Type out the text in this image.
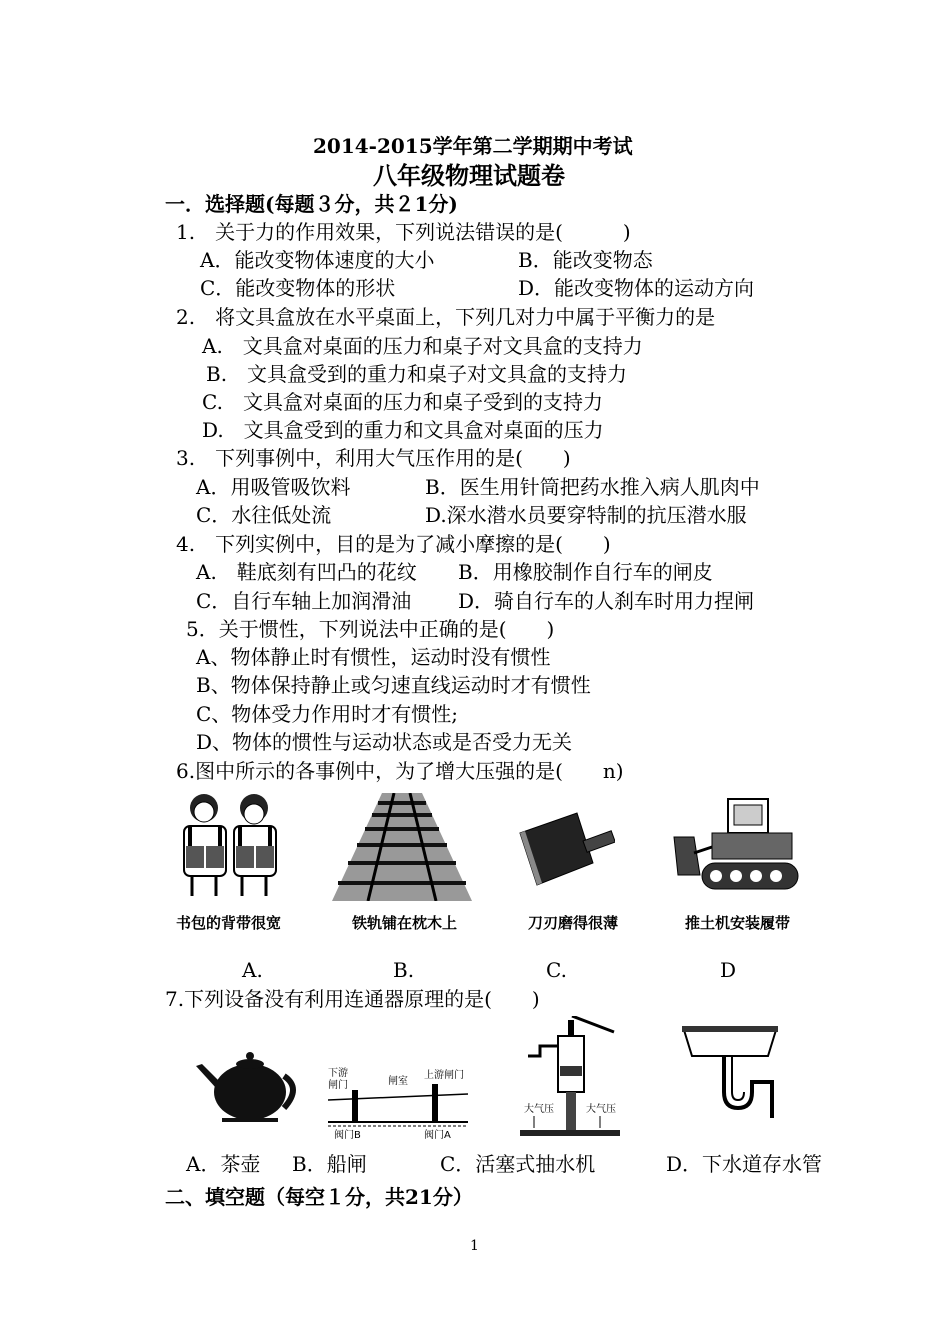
2014-2015学年第二学期期中考试
八年级物理试题卷
一．选择题(每题３分，共２1分)
1.　关于力的作用效果，下列说法错误的是(　　　)
A．能改变物体速度的大小	B．能改变物态
C．能改变物体的形状	D．能改变物体的运动方向
2.　将文具盒放在水平桌面上，下列几对力中属于平衡力的是
A.　文具盒对桌面的压力和桌子对文具盒的支持力
B.　文具盒受到的重力和桌子对文具盒的支持力
C.　文具盒对桌面的压力和桌子受到的支持力
D.　文具盒受到的重力和文具盒对桌面的压力
3.　下列事例中，利用大气压作用的是(　　)
A．用吸管吸饮料	B．医生用针筒把药水推入病人肌肉中
C．水往低处流	D.深水潜水员要穿特制的抗压潜水服
4.　下列实例中，目的是为了减小摩擦的是(　　)
A.　鞋底刻有凹凸的花纹 B．用橡胶制作自行车的闸皮
C．自行车轴上加润滑油 D．骑自行车的人刹车时用力捏闸
5．关于惯性，下列说法中正确的是(　　)
A、物体静止时有惯性，运动时没有惯性
B、物体保持静止或匀速直线运动时才有惯性
C、物体受力作用时才有惯性;
D、物体的惯性与运动状态或是否受力无关
6.图中所示的各事例中，为了增大压强的是(　　n)
书包的背带很宽	铁轨铺在枕木上	刀刃磨得很薄	推土机安装履带
A.	B.	C.	D
7.下列设备没有利用连通器原理的是(　　)
下游
闸门	闸室
上游闸门
阀门B	阀门A
大气压	大气压
A．茶壶 B．船闸	C．活塞式抽水机	D．下水道存水管
二、填空题（每空１分，共21分）
1
